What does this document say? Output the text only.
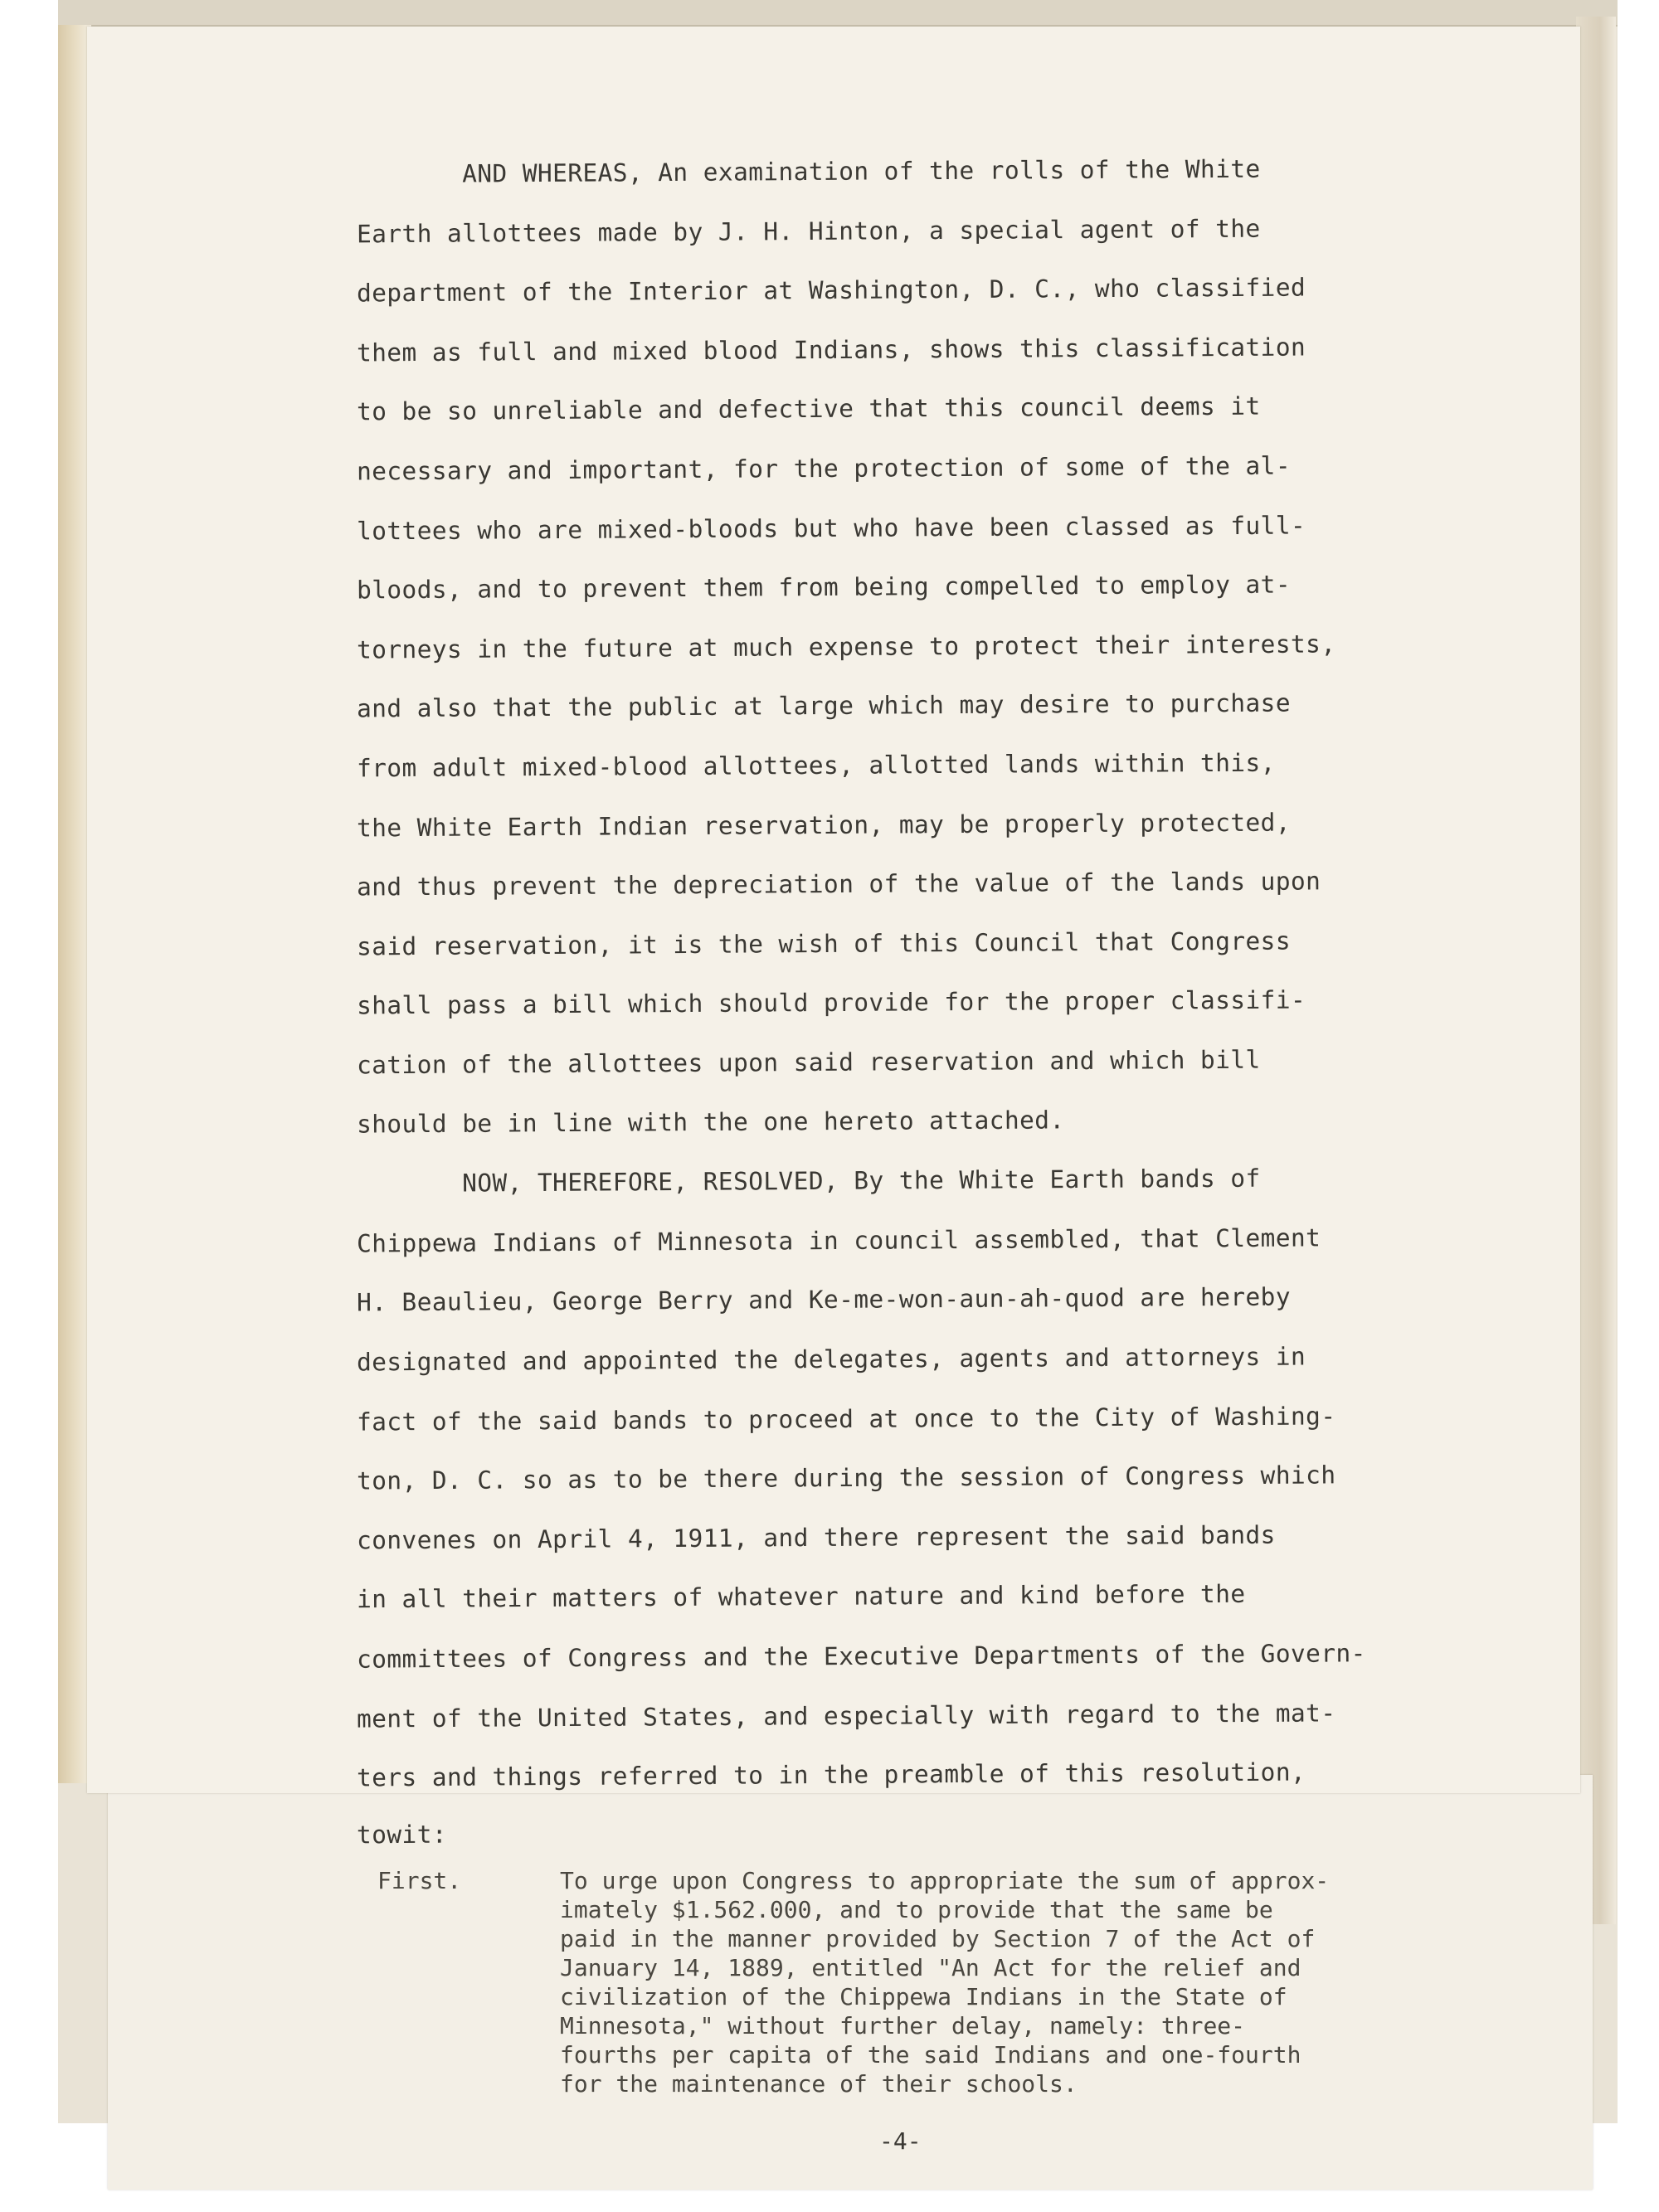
AND WHEREAS, An examination of the rolls of the White
Earth allottees made by J. H. Hinton, a special agent of the
department of the Interior at Washington, D. C., who classified
them as full and mixed blood Indians, shows this classification
to be so unreliable and defective that this council deems it
necessary and important, for the protection of some of the al-
lottees who are mixed-bloods but who have been classed as full-
bloods, and to prevent them from being compelled to employ at-
torneys in the future at much expense to protect their interests,
and also that the public at large which may desire to purchase
from adult mixed-blood allottees, allotted lands within this,
the White Earth Indian reservation, may be properly protected,
and thus prevent the depreciation of the value of the lands upon
said reservation, it is the wish of this Council that Congress
shall pass a bill which should provide for the proper classifi-
cation of the allottees upon said reservation and which bill
should be in line with the one hereto attached.
NOW, THEREFORE, RESOLVED, By the White Earth bands of
Chippewa Indians of Minnesota in council assembled, that Clement
H. Beaulieu, George Berry and Ke-me-won-aun-ah-quod are hereby
designated and appointed the delegates, agents and attorneys in
fact of the said bands to proceed at once to the City of Washing-
ton, D. C. so as to be there during the session of Congress which
convenes on April 4, 1911, and there represent the said bands
in all their matters of whatever nature and kind before the
committees of Congress and the Executive Departments of the Govern-
ment of the United States, and especially with regard to the mat-
ters and things referred to in the preamble of this resolution,
towit:
First.	To urge upon Congress to appropriate the sum of approx-
imately $1.562.000, and to provide that the same be
paid in the manner provided by Section 7 of the Act of
January 14, 1889, entitled "An Act for the relief and
civilization of the Chippewa Indians in the State of
Minnesota," without further delay, namely: three-
fourths per capita of the said Indians and one-fourth
for the maintenance of their schools.
-4-
